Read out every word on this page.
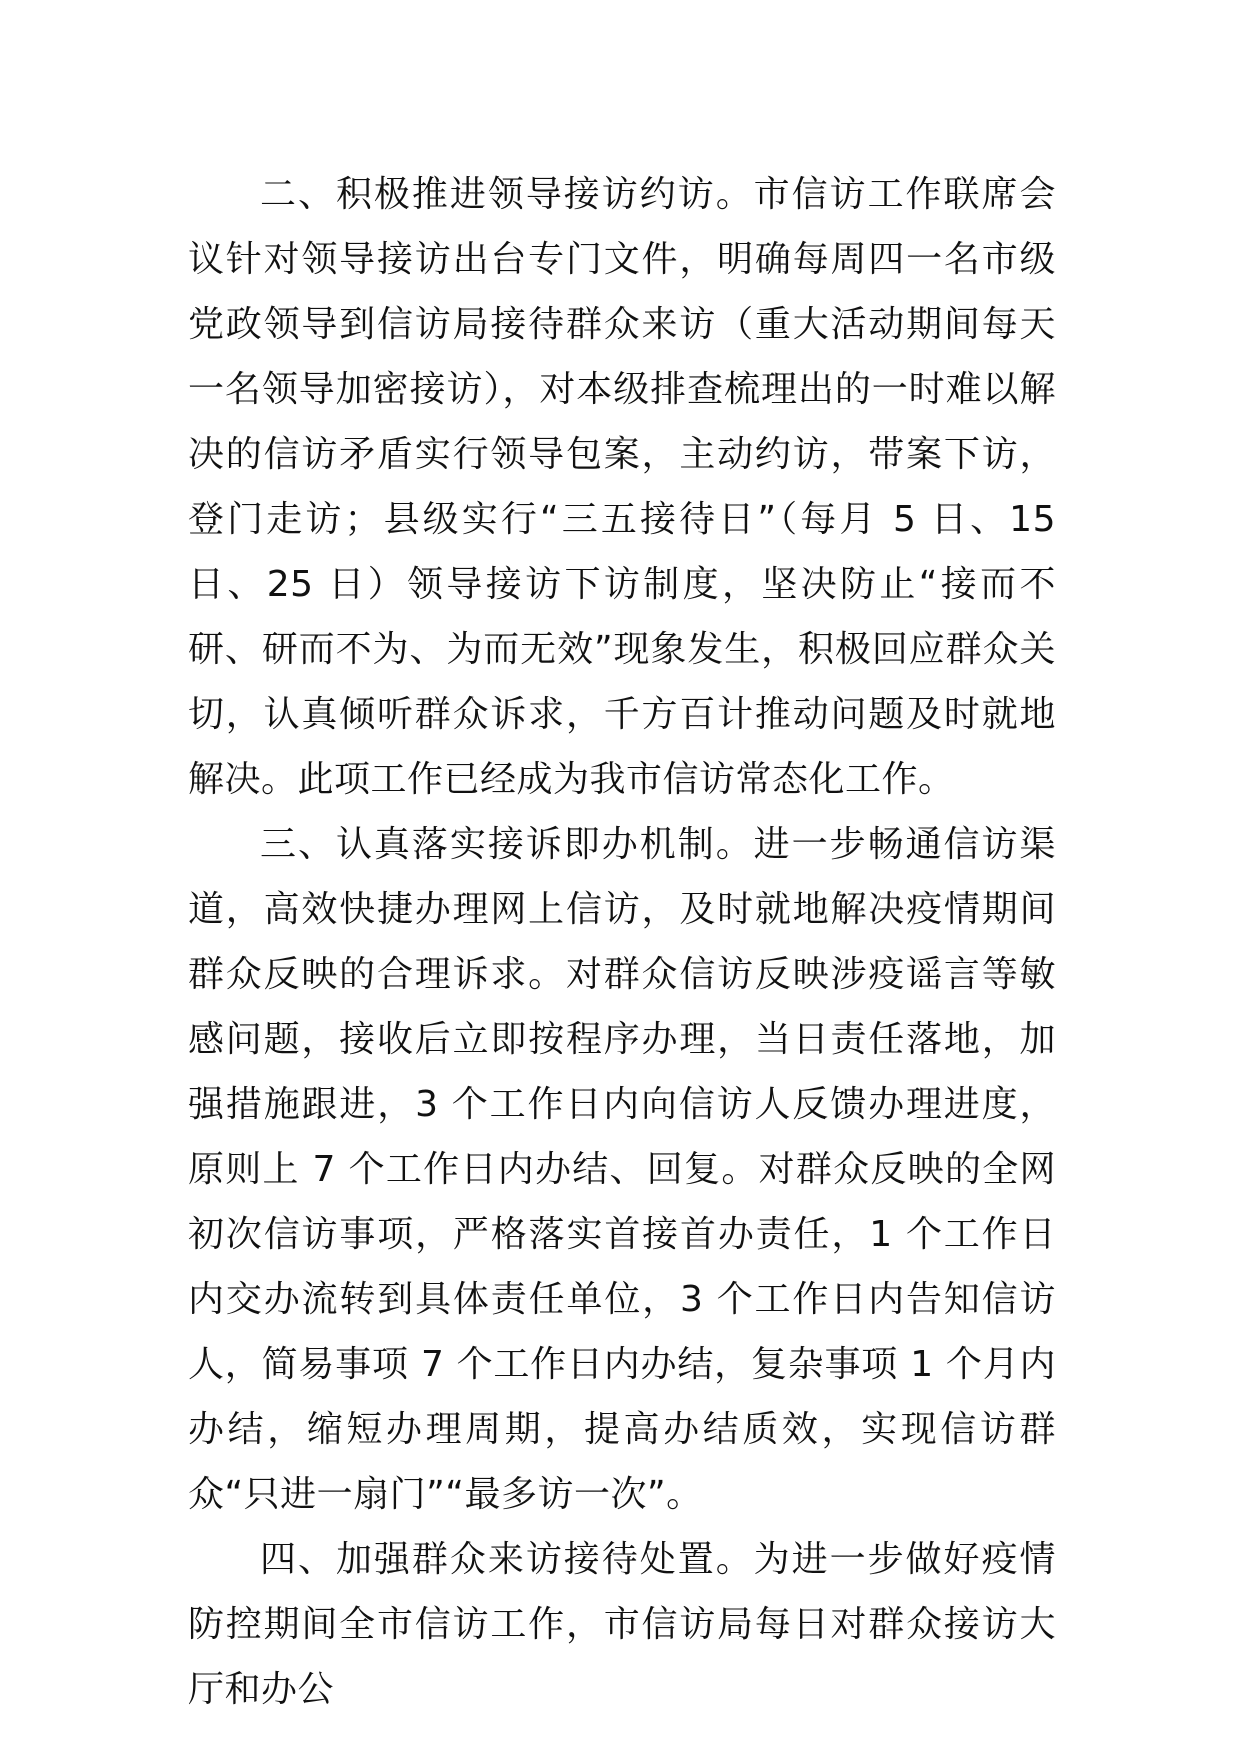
二、积极推进领导接访约访。市信访工作联席会议针对领导接访出台专门文件，明确每周四一名市级党政领导到信访局接待群众来访（重大活动期间每天一名领导加密接访），对本级排查梳理出的一时难以解决的信访矛盾实行领导包案，主动约访，带案下访，登门走访；县级实行“三五接待日”（每月 5 日、15 日、25 日）领导接访下访制度，坚决防止“接而不研、研而不为、为而无效”现象发生，积极回应群众关切，认真倾听群众诉求，千方百计推动问题及时就地解决。此项工作已经成为我市信访常态化工作。

三、认真落实接诉即办机制。进一步畅通信访渠道，高效快捷办理网上信访，及时就地解决疫情期间群众反映的合理诉求。对群众信访反映涉疫谣言等敏感问题，接收后立即按程序办理，当日责任落地，加强措施跟进，3 个工作日内向信访人反馈办理进度，原则上 7 个工作日内办结、回复。对群众反映的全网初次信访事项，严格落实首接首办责任，1 个工作日内交办流转到具体责任单位，3 个工作日内告知信访人，简易事项 7 个工作日内办结，复杂事项 1 个月内办结，缩短办理周期，提高办结质效，实现信访群众“只进一扇门”“最多访一次”。

四、加强群众来访接待处置。为进一步做好疫情防控期间全市信访工作，市信访局每日对群众接访大厅和办公
